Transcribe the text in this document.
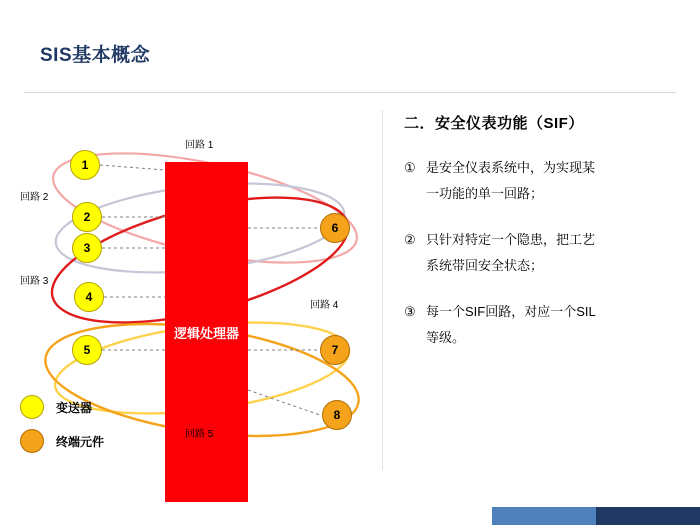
SIS基本概念
逻辑处理器
回路 1
回路 2
回路 3
回路 4
回路 5
1
2
3
4
5
6
7
8
变送器
终端元件
二．安全仪表功能（SIF）
① 是安全仪表系统中，为实现某
一功能的单一回路；
② 只针对特定一个隐患，把工艺
系统带回安全状态；
③ 每一个SIF回路，对应一个SIL
等级。
